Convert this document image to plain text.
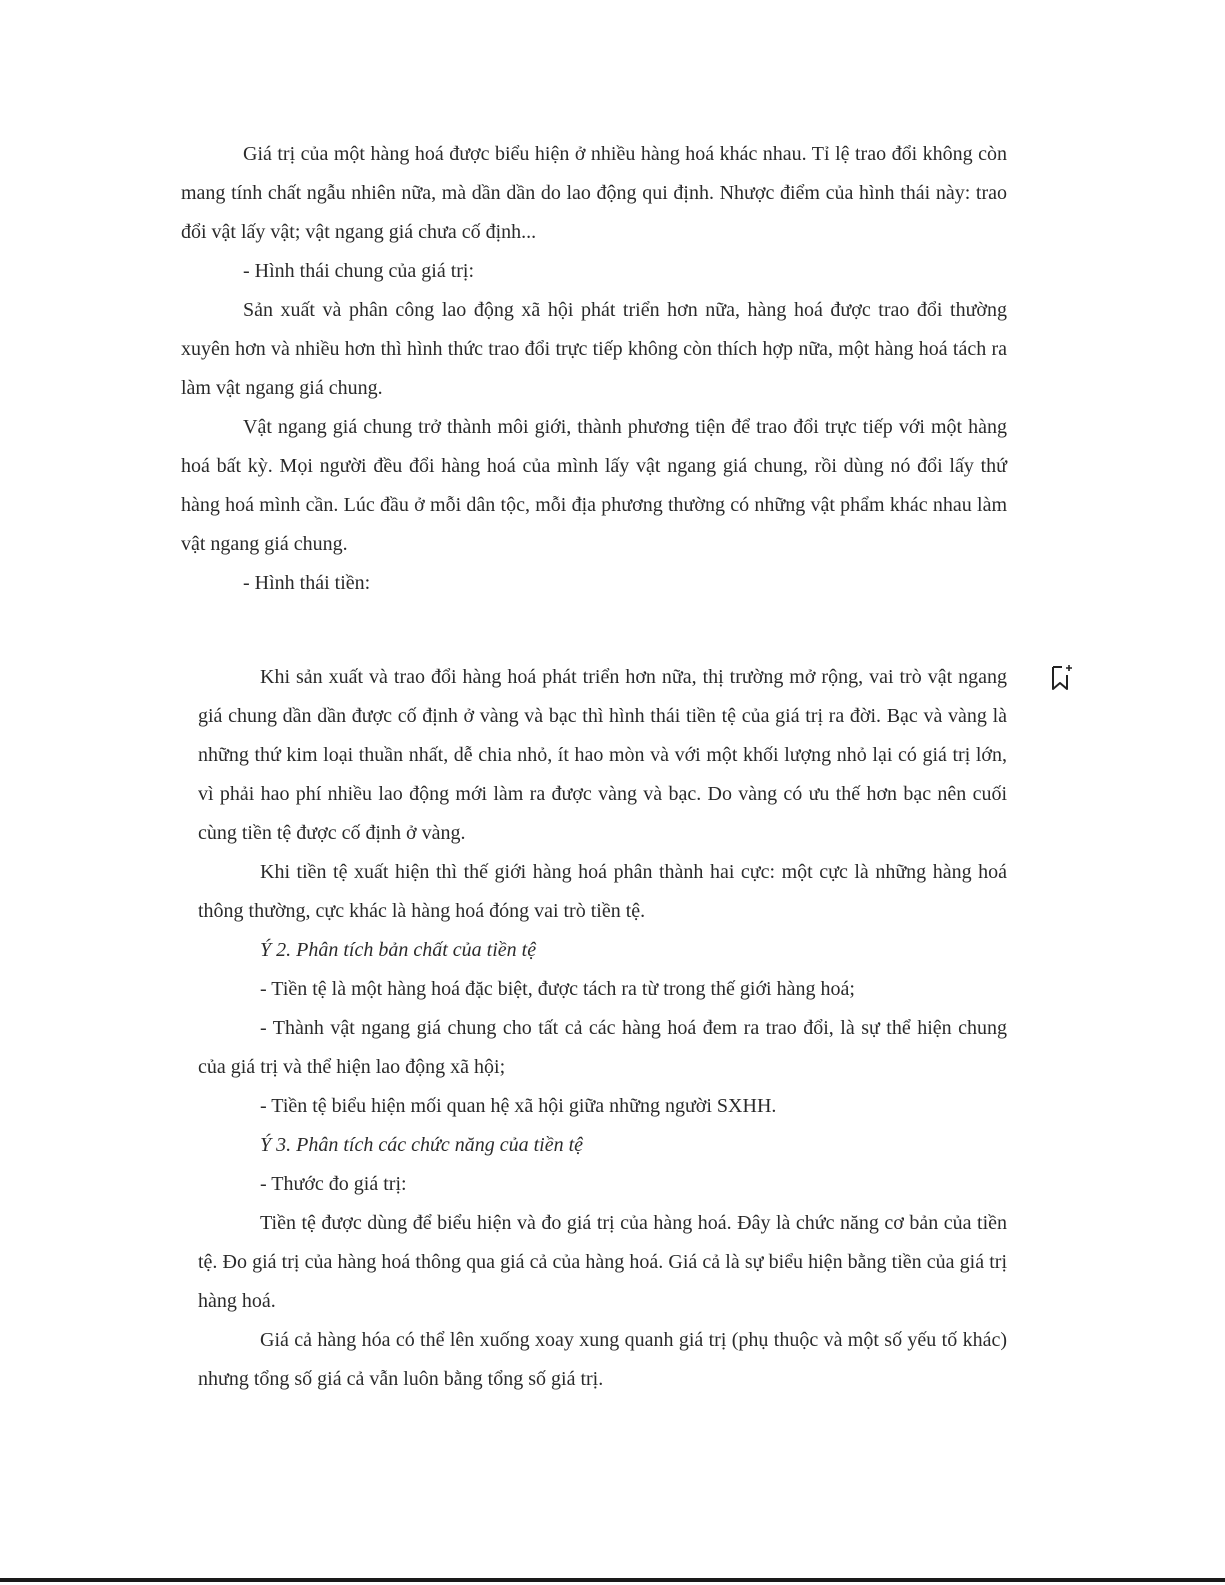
Giá trị của một hàng hoá được biểu hiện ở nhiều hàng hoá khác nhau. Tỉ lệ trao đổi không còn mang tính chất ngẫu nhiên nữa, mà dần dần do lao động qui định. Nhược điểm của hình thái này: trao đổi vật lấy vật; vật ngang giá chưa cố định...

- Hình thái chung của giá trị:

Sản xuất và phân công lao động xã hội phát triển hơn nữa, hàng hoá được trao đổi thường xuyên hơn và nhiều hơn thì hình thức trao đổi trực tiếp không còn thích hợp nữa, một hàng hoá tách ra làm vật ngang giá chung.

Vật ngang giá chung trở thành môi giới, thành phương tiện để trao đổi trực tiếp với một hàng hoá bất kỳ. Mọi người đều đổi hàng hoá của mình lấy vật ngang giá chung, rồi dùng nó đổi lấy thứ hàng hoá mình cần. Lúc đầu ở mỗi dân tộc, mỗi địa phương thường có những vật phẩm khác nhau làm vật ngang giá chung.

- Hình thái tiền:

Khi sản xuất và trao đổi hàng hoá phát triển hơn nữa, thị trường mở rộng, vai trò vật ngang giá chung dần dần được cố định ở vàng và bạc thì hình thái tiền tệ của giá trị ra đời. Bạc và vàng là những thứ kim loại thuần nhất, dễ chia nhỏ, ít hao mòn và với một khối lượng nhỏ lại có giá trị lớn, vì phải hao phí nhiều lao động mới làm ra được vàng và bạc. Do vàng có ưu thế hơn bạc nên cuối cùng tiền tệ được cố định ở vàng.

Khi tiền tệ xuất hiện thì thế giới hàng hoá phân thành hai cực: một cực là những hàng hoá thông thường, cực khác là hàng hoá đóng vai trò tiền tệ.

Ý 2. Phân tích bản chất của tiền tệ

- Tiền tệ là một hàng hoá đặc biệt, được tách ra từ trong thế giới hàng hoá;

- Thành vật ngang giá chung cho tất cả các hàng hoá đem ra trao đổi, là sự thể hiện chung của giá trị và thể hiện lao động xã hội;

- Tiền tệ biểu hiện mối quan hệ xã hội giữa những người SXHH.

Ý 3. Phân tích các chức năng của tiền tệ

- Thước đo giá trị:

Tiền tệ được dùng để biểu hiện và đo giá trị của hàng hoá. Đây là chức năng cơ bản của tiền tệ. Đo giá trị của hàng hoá thông qua giá cả của hàng hoá. Giá cả là sự biểu hiện bằng tiền của giá trị hàng hoá.

Giá cả hàng hóa có thể lên xuống xoay xung quanh giá trị (phụ thuộc và một số yếu tố khác) nhưng tổng số giá cả vẫn luôn bằng tổng số giá trị.
